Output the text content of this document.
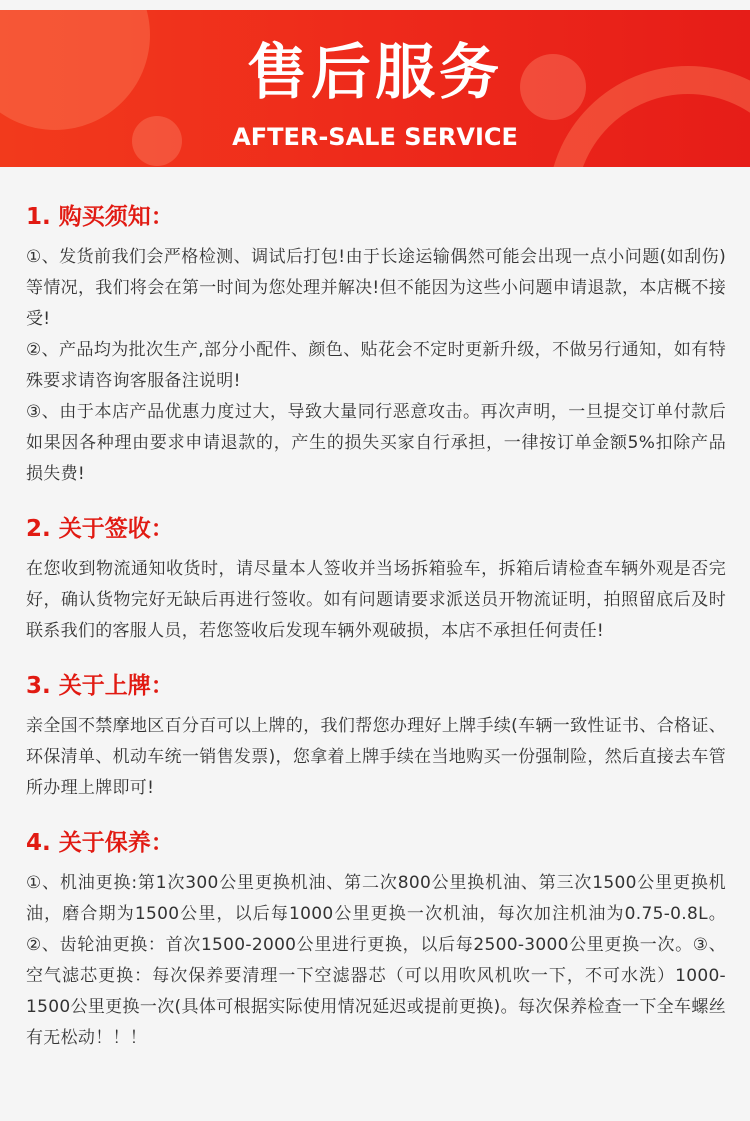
售后服务
AFTER-SALE SERVICE
1. 购买须知：

①、发货前我们会严格检测、调试后打包!由于长途运输偶然可能会出现一点小问题(如刮伤)等情况，我们将会在第一时间为您处理并解决!但不能因为这些小问题申请退款，本店概不接受!

②、产品均为批次生产,部分小配件、颜色、贴花会不定时更新升级，不做另行通知，如有特殊要求请咨询客服备注说明!

③、由于本店产品优惠力度过大，导致大量同行恶意攻击。再次声明，一旦提交订单付款后如果因各种理由要求申请退款的，产生的损失买家自行承担，一律按订单金额5%扣除产品损失费!

2. 关于签收：

在您收到物流通知收货时，请尽量本人签收并当场拆箱验车，拆箱后请检查车辆外观是否完好，确认货物完好无缺后再进行签收。如有问题请要求派送员开物流证明，拍照留底后及时联系我们的客服人员，若您签收后发现车辆外观破损，本店不承担任何责任!

3. 关于上牌：

亲全国不禁摩地区百分百可以上牌的，我们帮您办理好上牌手续(车辆一致性证书、合格证、环保清单、机动车统一销售发票)，您拿着上牌手续在当地购买一份强制险，然后直接去车管所办理上牌即可!

4. 关于保养：

①、机油更换:第1次300公里更换机油、第二次800公里换机油、第三次1500公里更换机油，磨合期为1500公里，以后每1000公里更换一次机油，每次加注机油为0.75-0.8L。②、齿轮油更换：首次1500-2000公里进行更换，以后每2500-3000公里更换一次。③、空气滤芯更换：每次保养要清理一下空滤器芯（可以用吹风机吹一下，不可水洗）1000-1500公里更换一次(具体可根据实际使用情况延迟或提前更换)。每次保养检查一下全车螺丝有无松动！！！
